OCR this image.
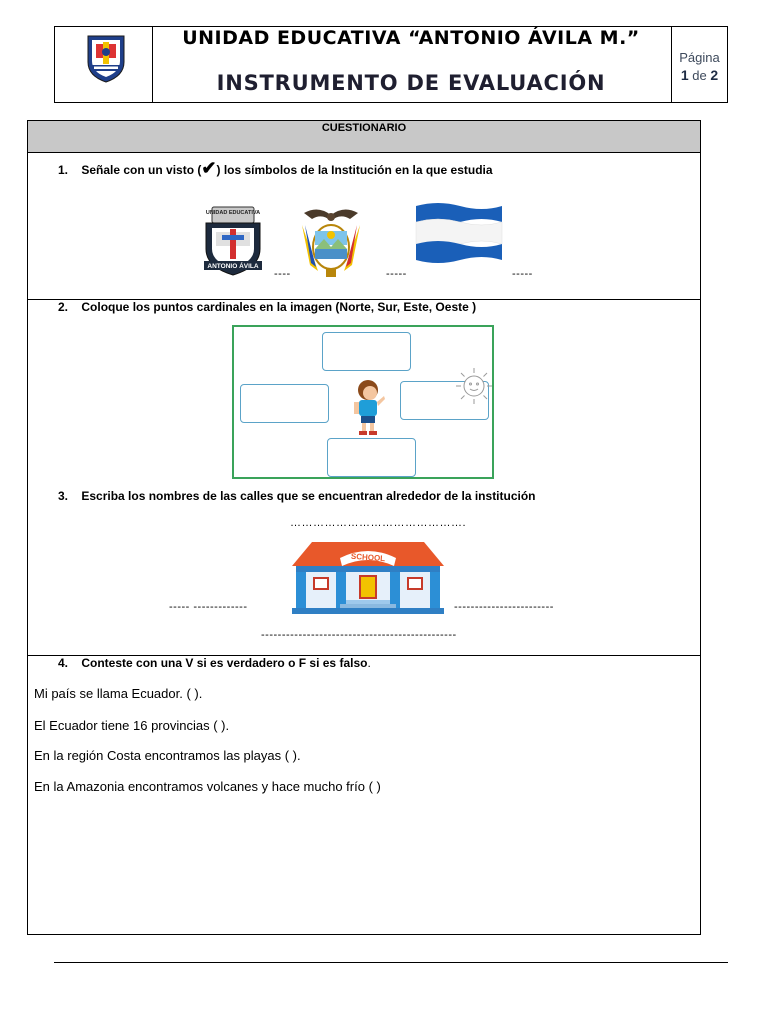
UNIDAD EDUCATIVA “ANTONIO ÁVILA M.”
INSTRUMENTO DE EVALUACIÓN
Página
1 de 2
CUESTIONARIO
1. Señale con un visto (✔) los símbolos de la Institución en la que estudia
UNIDAD EDUCATIVA
ANTONIO ÁVILA
----	-----	-----
2. Coloque los puntos cardinales en la imagen (Norte, Sur, Este, Oeste )
3. Escriba los nombres de las calles que se encuentran alrededor de la institución
……………………………………….
SCHOOL
----- -------------	------------------------
-----------------------------------------------
4. Conteste con una V si es verdadero o F si es falso.
Mi país se llama Ecuador. ( ).
El Ecuador tiene 16 provincias ( ).
En la región Costa encontramos las playas ( ).
En la Amazonia encontramos volcanes y hace mucho frío ( )
